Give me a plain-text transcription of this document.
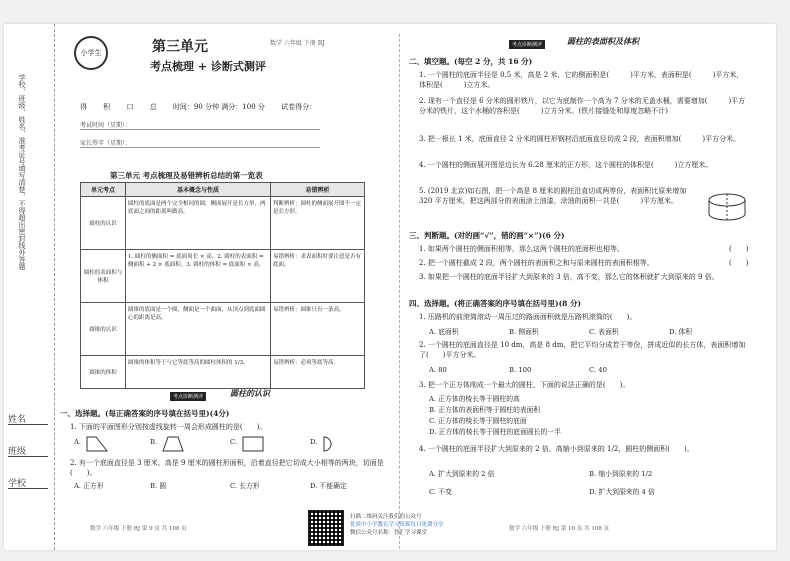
学校、班级、姓名、准考证号填写清楚，不得超出密封线外答题
姓名
班级
学校
小学生	第三单元
考点梳理 + 诊断式测评
数学 六年级 下册 RJ
得 积 口 总 时间：90 分钟 满分：100 分 试卷得分：
考试时间（星期）：
家长签字（星期）：
第三单元 考点梳理及易错辨析总结的第一览表
单元考点	基本概念与性质	易错辨析
圆柱的认识	圆柱的底面是两个完全相同的圆，侧面展开是长方形，两底面之间的距离叫做高。	判断辨析：圆柱的侧面展开图不一定是长方形。
圆柱的表面积与体积	1. 圆柱的侧面积 = 底面周长 × 高。2. 圆柱的表面积 = 侧面积 + 2 × 底面积。3. 圆柱的体积 = 底面积 × 高。	易错辨析：求表面积时要注意是否有底面。
圆锥的认识	圆锥的底面是一个圆，侧面是一个曲面，从顶点到底面圆心的距离是高。	易错辨析：圆锥只有一条高。
圆锥的体积	圆锥的体积等于与它等底等高的圆柱体积的 1/3。	易错辨析：必须等底等高。
考点诊断测评	圆柱的认识
一、选择题。(每正确答案的序号填在括号里)(4分)
1. 下面的平面图形分别按虚线旋转一周会形成圆柱的是(　　)。
A.	B.	C.	D.
2. 有一个底面直径是 3 厘米，高是 9 厘米的圆柱形面积，沿着直径把它切成大小相等的两块，切面是(　　)。
A. 正方形	B. 圆	C. 长方形	D. 不能确定
数学 六年级 下册 RJ 第 9 页 共 108 页
扫描二维码关注我们的公众号
优质中小学教育学习资源每日免费分享
微信公众号名称：智汇学习课堂
考点诊断测评	圆柱的表面积及体积
二、填空题。(每空 2 分，共 16 分)
1. 一个圆柱的底面半径是 0.5 米，高是 2 米，它的侧面积是(　　　)平方米，表面积是(　　　)平方米，体积是(　　　)立方米。
2. 现有一个直径是 6 分米的圆形铁片，以它为底制作一个高为 7 分米的无盖水桶，需要增加(　　　)平方分米的铁片，这个水桶的容积是(　　　)立方分米。(铁片接缝处和厚度忽略不计)
3. 把一根长 1 米，底面直径 2 分米的圆柱形钢材沿底面直径切成 2 段，表面积增加(　　　)平方分米。
4. 一个圆柱的侧面展开图是边长为 6.28 厘米的正方形，这个圆柱的体积是(　　　)立方厘米。
5. (2019 北京)如右图，把一个高是 8 厘米的圆柱沿直切成两等份，表面积比原来增加 320 平方厘米，把这两部分的表面涂上油漆，涂油的面积一共是(　　　)平方厘米。
三、判断题。(对的画“√”，错的画“×”)(6 分)
1. 如果两个圆柱的侧面积相等，那么这两个圆柱的底面积也相等。	(　　)
2. 把一个圆柱截成 2 段，两个圆柱的表面积之和与原来圆柱的表面积相等。	(　　)
3. 如果把一个圆柱的底面半径扩大到原来的 3 倍，高不变，那么它的体积就扩大到原来的 9 倍。
四、选择题。(将正确答案的序号填在括号里)(8 分)
1. 压路机的前滚筒滚动一周压过的路面面积就是压路机滚筒的(　　)。
A. 底面积	B. 侧面积	C. 表面积	D. 体积
2. 一个圆柱的底面直径是 10 dm，高是 8 dm，把它平均分成若干等份，拼成近似的长方体，表面积增加了(　　)平方分米。
A. 80	B. 100	C. 40
3. 把一个正方体削成一个最大的圆柱，下面的说法正确的是(　　)。
A. 正方体的棱长等于圆柱的高
B. 正方体的表面积等于圆柱的表面积
C. 正方体的棱长等于圆柱的底面
D. 正方体的棱长等于圆柱的底面圆长的一半
4. 一个圆柱的底面半径扩大到原来的 2 倍，高缩小到原来的 1/2，圆柱的侧面积(　　)。
A. 扩大到原来的 2 倍	B. 缩小到原来的 1/2
C. 不变	D. 扩大到原来的 4 倍
数学 六年级 下册 RJ 第 10 页 共 108 页
